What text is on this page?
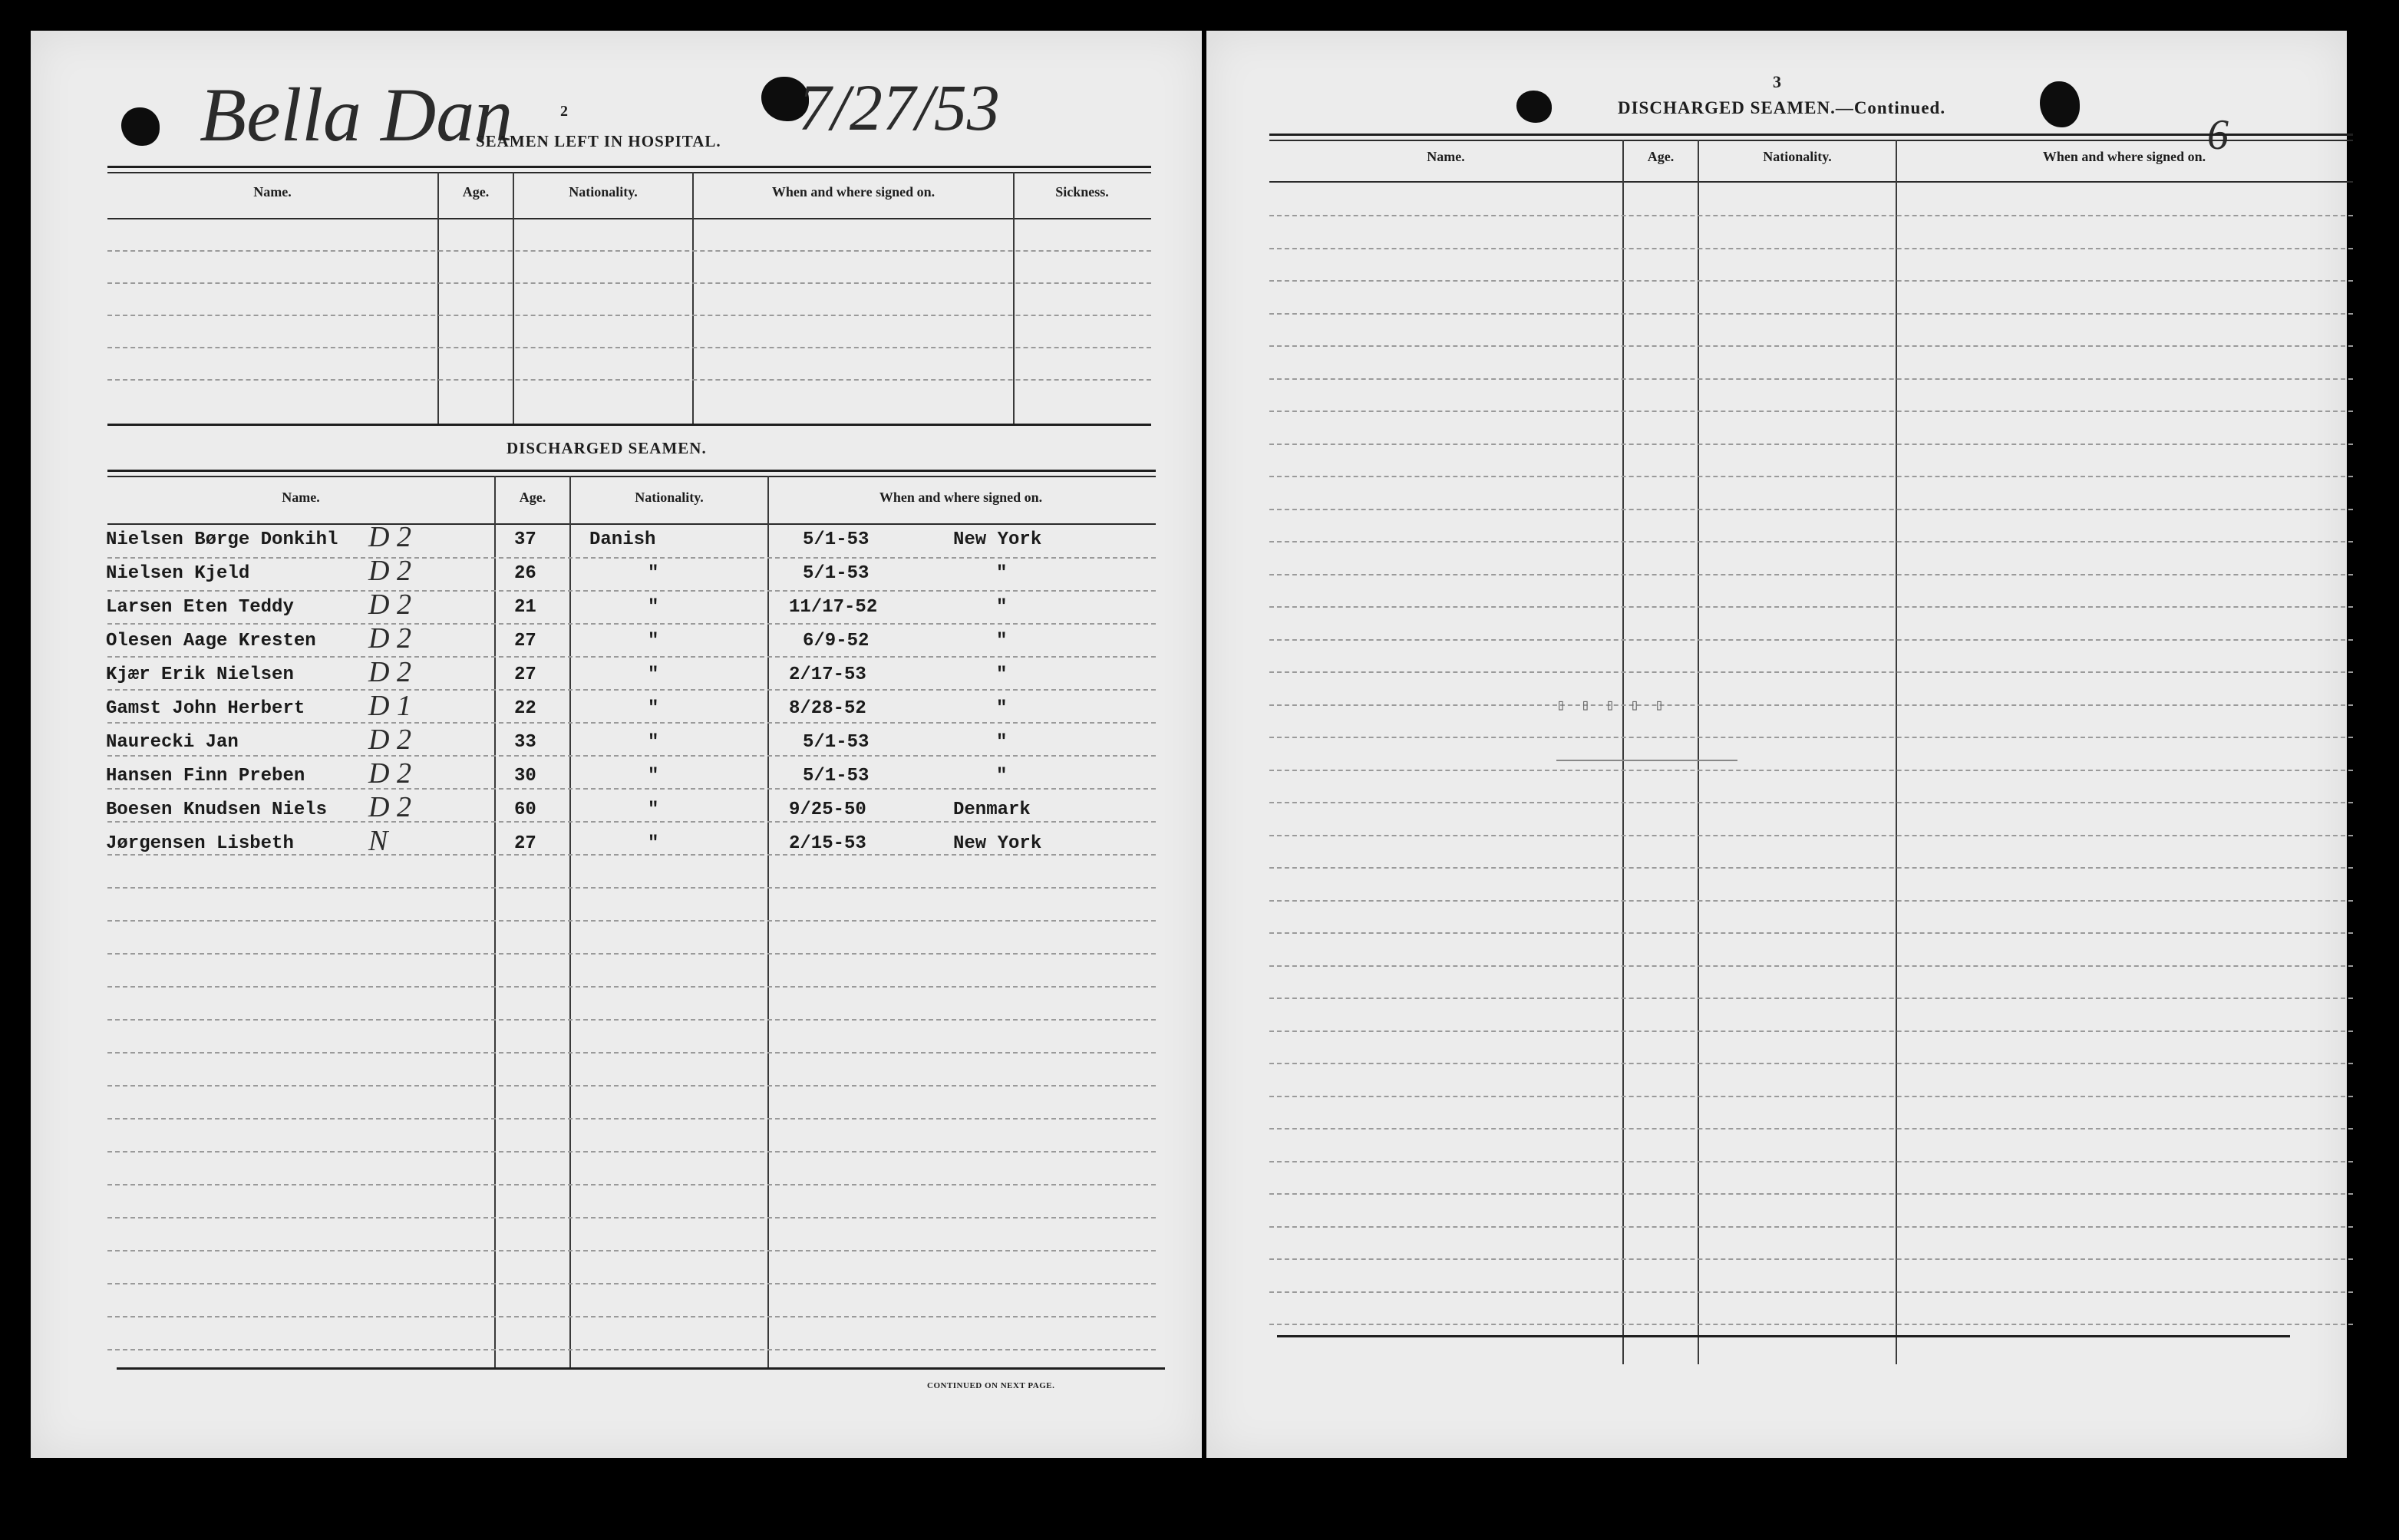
Bella Dan	7/27/53
2
SEAMEN LEFT IN HOSPITAL.
Name.	Age.	Nationality.	When and where signed on.	Sickness.
DISCHARGED SEAMEN.
Name.	Age.	Nationality.	When and where signed on.
Nielsen Børge Donkihl D 2	37	Danish	5/1-53	New York
Nielsen Kjeld	D 2	26	"	5/1-53	"
Larsen Eten Teddy	D 2	21	"	11/17-52	"
Olesen Aage Kresten D 2	27	"	6/9-52	"
Kjær Erik Nielsen	D 2	27	"	2/17-53	"
Gamst John Herbert D 1	22	"	8/28-52	"
Naurecki Jan	D 2	33	"	5/1-53	"
Hansen Finn Preben D 2	30	"	5/1-53	"
Boesen Knudsen Niels D 2	60	"	9/25-50	Denmark
Jørgensen Lisbeth	N	27	"	2/15-53	New York
CONTINUED ON NEXT PAGE.
3
6
DISCHARGED SEAMEN.—Continued.
Name.	Age.	Nationality.	When and where signed on.
▯ ▯ ▯ ▯ ▯
